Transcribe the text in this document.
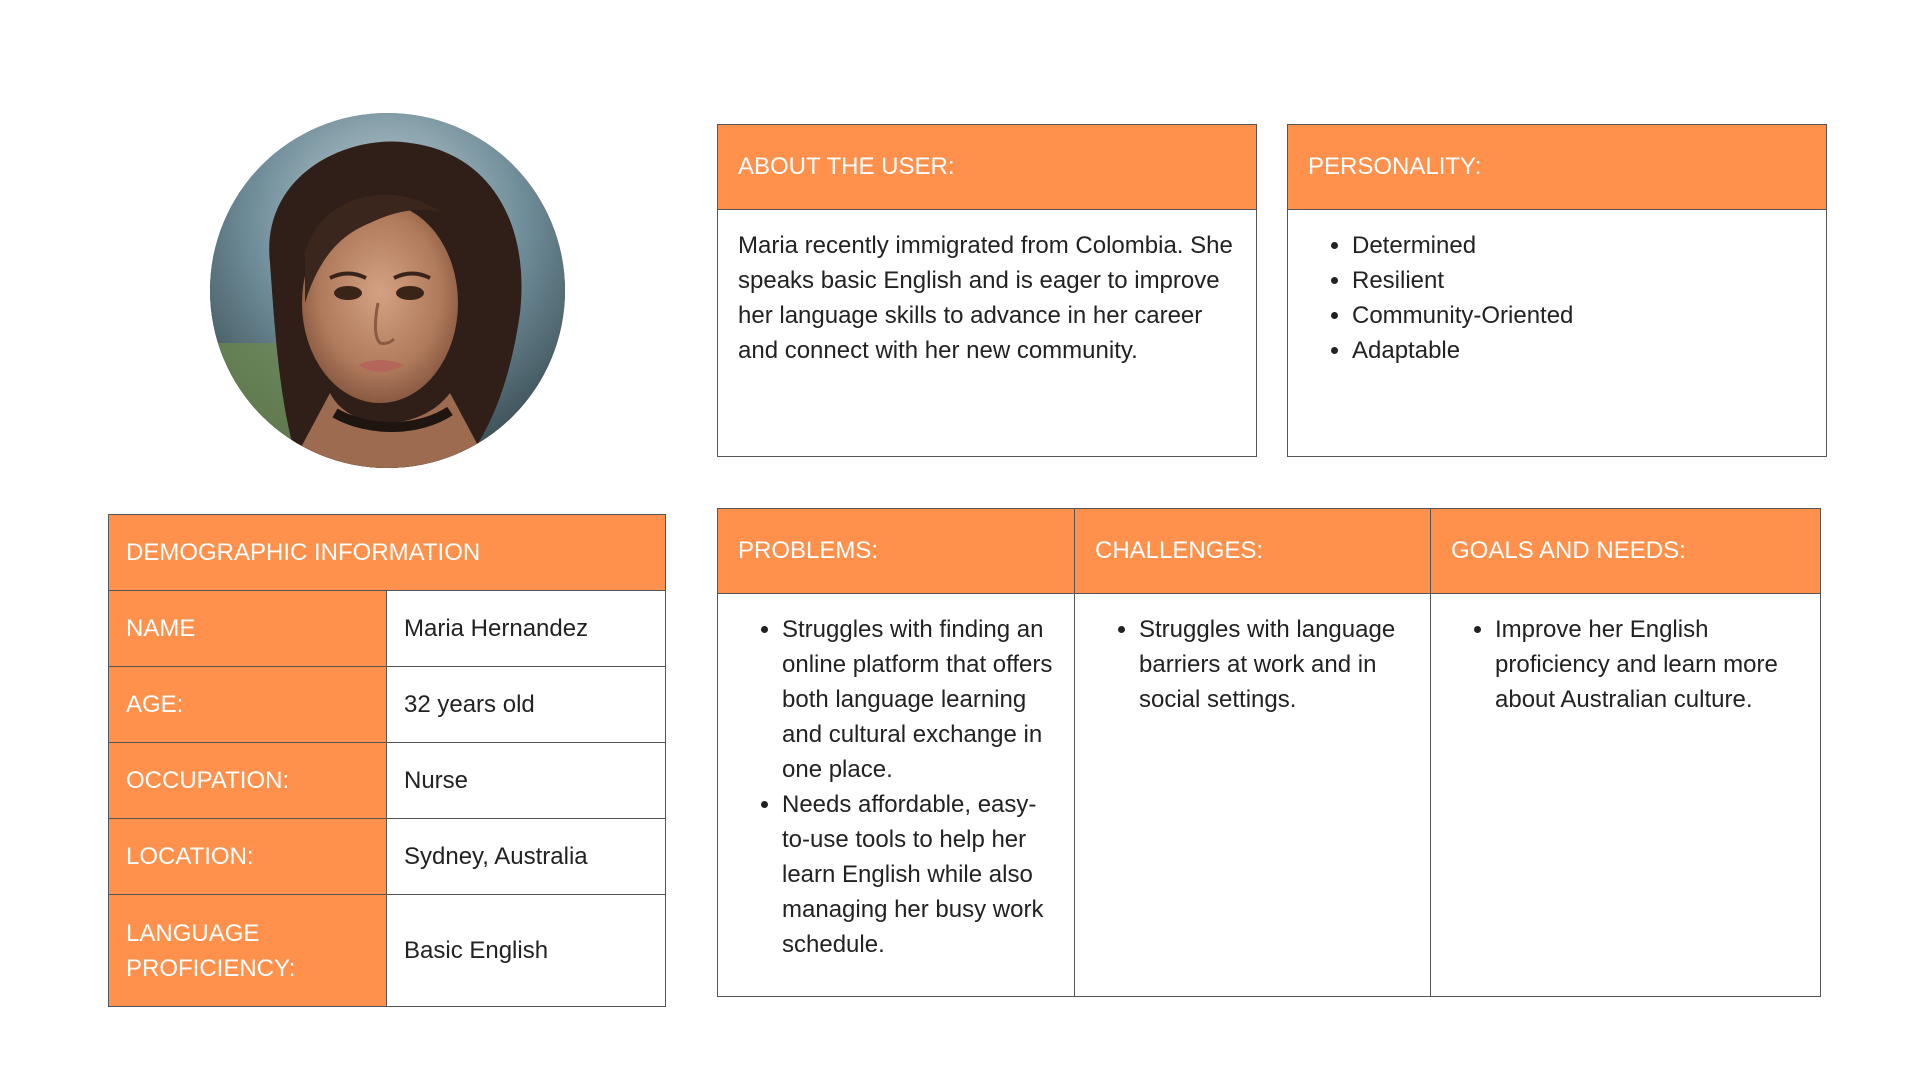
ABOUT THE USER:

Maria recently immigrated from Colombia. She speaks basic English and is eager to improve her language skills to advance in her career and connect with her new community.

PERSONALITY:
• Determined
• Resilient
• Community-Oriented
• Adaptable
DEMOGRAPHIC INFORMATION
NAME	Maria Hernandez
AGE:	32 years old
OCCUPATION:	Nurse
LOCATION:	Sydney, Australia
LANGUAGE PROFICIENCY:
Basic English
PROBLEMS:
• Struggles with finding an online platform that offers both language learning and cultural exchange in one place.
• Needs affordable, easy-to-use tools to help her learn English while also managing her busy work schedule.
CHALLENGES:
• Struggles with language barriers at work and in social settings.
GOALS AND NEEDS:
• Improve her English proficiency and learn more about Australian culture.
